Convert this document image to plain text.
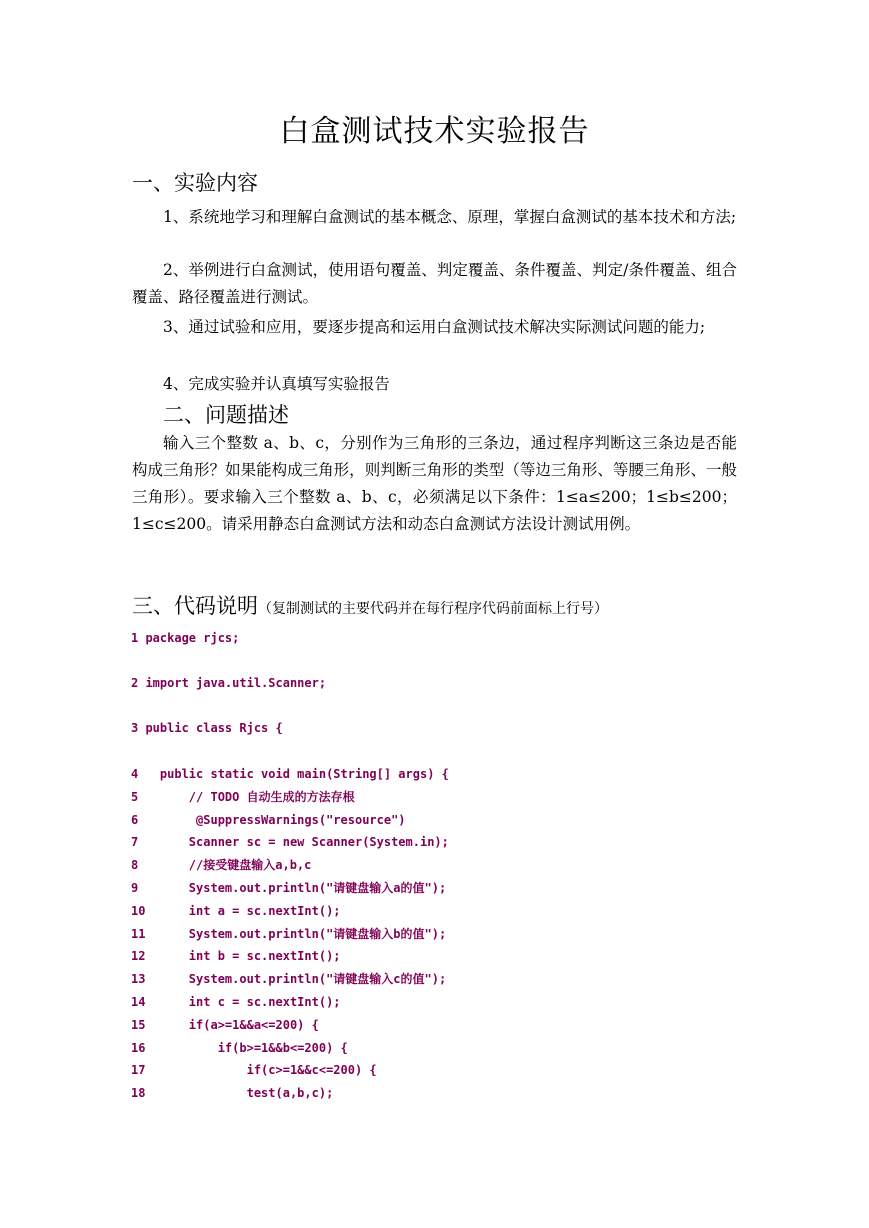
白盒测试技术实验报告
一、实验内容
1、系统地学习和理解白盒测试的基本概念、原理，掌握白盒测试的基本技术和方法;
2、举例进行白盒测试，使用语句覆盖、判定覆盖、条件覆盖、判定/条件覆盖、组合覆盖、路径覆盖进行测试。
3、通过试验和应用，要逐步提高和运用白盒测试技术解决实际测试问题的能力;
4、完成实验并认真填写实验报告
二、问题描述
输入三个整数 a、b、c，分别作为三角形的三条边，通过程序判断这三条边是否能构成三角形？如果能构成三角形，则判断三角形的类型（等边三角形、等腰三角形、一般三角形）。要求输入三个整数 a、b、c，必须满足以下条件：1≤a≤200；1≤b≤200；1≤c≤200。请采用静态白盒测试方法和动态白盒测试方法设计测试用例。
三、代码说明（复制测试的主要代码并在每行程序代码前面标上行号）
1 package rjcs;
2 import java.util.Scanner;
3 public class Rjcs {
4   public static void main(String[] args) {
5       // TODO 自动生成的方法存根
6        @SuppressWarnings("resource")
7       Scanner sc = new Scanner(System.in);
8       //接受键盘输入a,b,c
9       System.out.println("请键盘输入a的值");
10      int a = sc.nextInt();
11      System.out.println("请键盘输入b的值");
12      int b = sc.nextInt();
13      System.out.println("请键盘输入c的值");
14      int c = sc.nextInt();
15      if(a>=1&&a<=200) {
16          if(b>=1&&b<=200) {
17              if(c>=1&&c<=200) {
18              test(a,b,c);
